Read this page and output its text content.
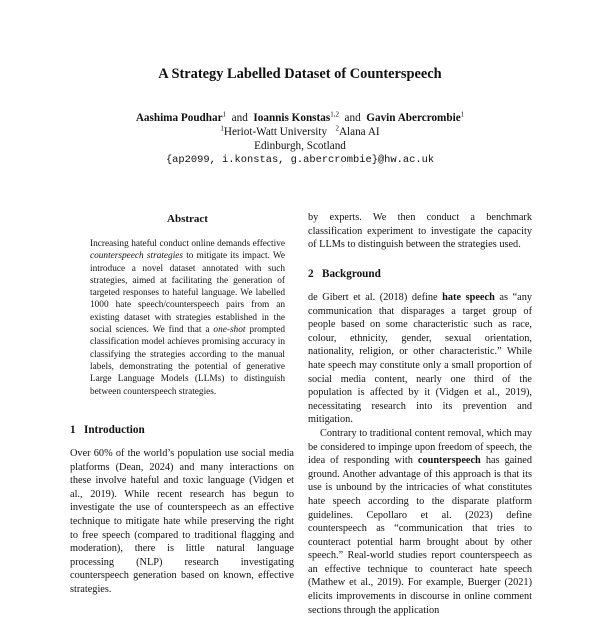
A Strategy Labelled Dataset of Counterspeech
Aashima Poudhar$^1$ and Ioannis Konstas$^{1,2}$ and Gavin Abercrombie$^1$
$^1$Heriot-Watt University $^2$Alana AI
Edinburgh, Scotland
{ap2099, i.konstas, g.abercrombie}@hw.ac.uk
Abstract
Increasing hateful conduct online demands effective counterspeech strategies to mitigate its impact. We introduce a novel dataset annotated with such strategies, aimed at facilitating the generation of targeted responses to hateful language. We labelled 1000 hate speech/counterspeech pairs from an existing dataset with strategies established in the social sciences. We find that a one-shot prompted classification model achieves promising accuracy in classifying the strategies according to the manual labels, demonstrating the potential of generative Large Language Models (LLMs) to distinguish between counterspeech strategies.
1 Introduction
Over 60% of the world’s population use social media platforms (Dean, 2024) and many interactions on these involve hateful and toxic language (Vidgen et al., 2019). While recent research has begun to investigate the use of counterspeech as an effective technique to mitigate hate while preserving the right to free speech (compared to traditional flagging and moderation), there is little natural language processing (NLP) research investigating counterspeech generation based on known, effective strategies.
by experts. We then conduct a benchmark classification experiment to investigate the capacity of LLMs to distinguish between the strategies used.
2 Background

de Gibert et al. (2018) define hate speech as “any communication that disparages a target group of people based on some characteristic such as race, colour, ethnicity, gender, sexual orientation, nationality, religion, or other characteristic.” While hate speech may constitute only a small proportion of social media content, nearly one third of the population is affected by it (Vidgen et al., 2019), necessitating research into its prevention and mitigation.

Contrary to traditional content removal, which may be considered to impinge upon freedom of speech, the idea of responding with counterspeech has gained ground. Another advantage of this approach is that its use is unbound by the intricacies of what constitutes hate speech according to the disparate platform guidelines. Cepollaro et al. (2023) define counterspeech as “communication that tries to counteract potential harm brought about by other speech.” Real-world studies report counterspeech as an effective technique to counteract hate speech (Mathew et al., 2019). For example, Buerger (2021) elicits improvements in discourse in online comment sections through the application
